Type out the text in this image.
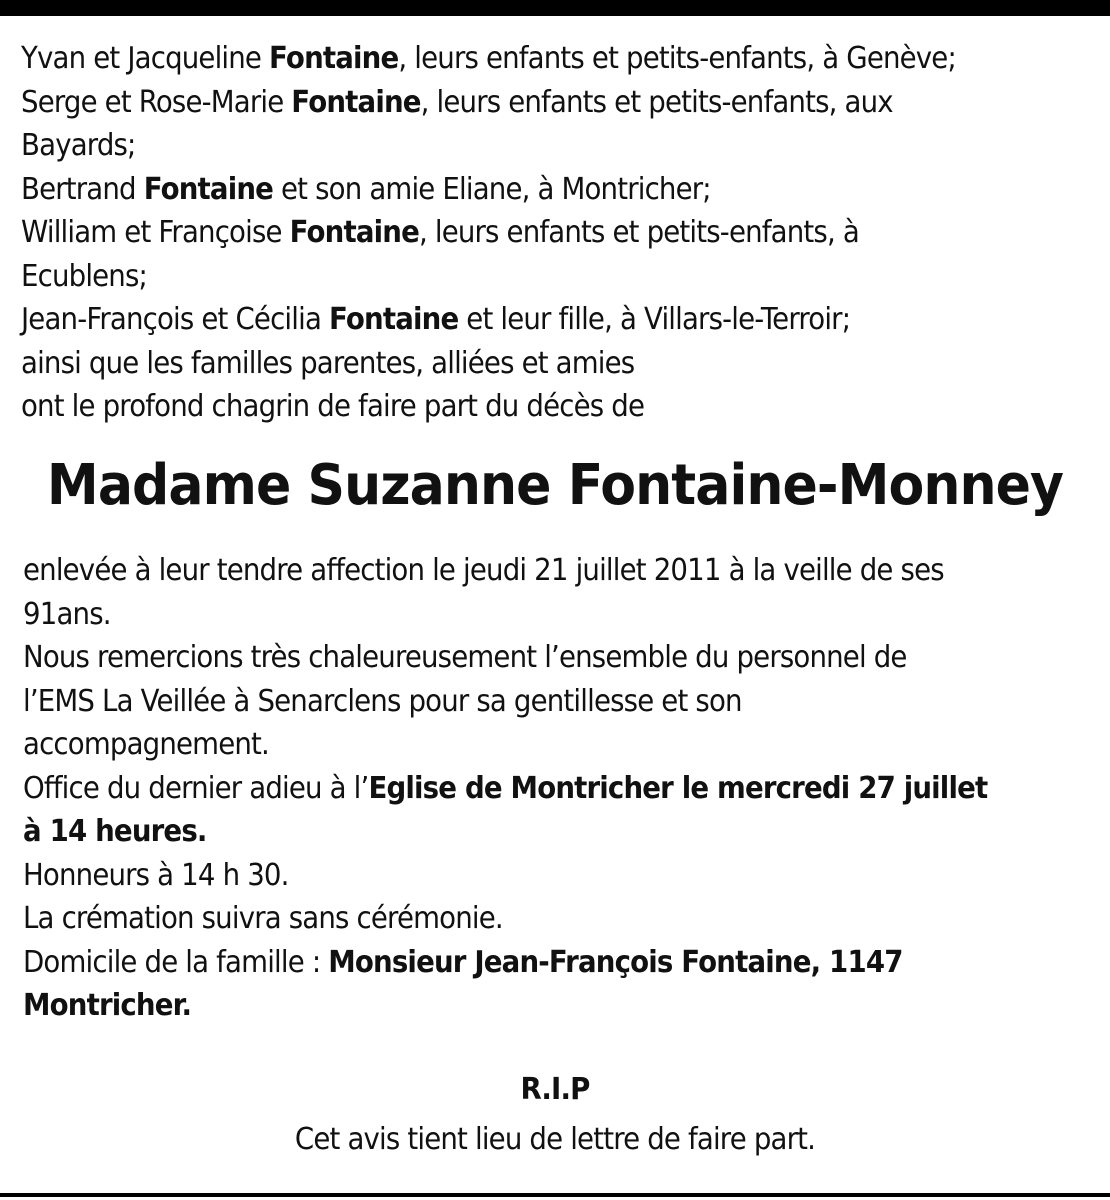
Yvan et Jacqueline Fontaine, leurs enfants et petits-enfants, à Genève;
Serge et Rose-Marie Fontaine, leurs enfants et petits-enfants, aux
Bayards;
Bertrand Fontaine et son amie Eliane, à Montricher;
William et Françoise Fontaine, leurs enfants et petits-enfants, à
Ecublens;
Jean-François et Cécilia Fontaine et leur fille, à Villars-le-Terroir;
ainsi que les familles parentes, alliées et amies
ont le profond chagrin de faire part du décès de
Madame Suzanne Fontaine-Monney
enlevée à leur tendre affection le jeudi 21 juillet 2011 à la veille de ses
91ans.
Nous remercions très chaleureusement l’ensemble du personnel de
l’EMS La Veillée à Senarclens pour sa gentillesse et son
accompagnement.
Office du dernier adieu à l’Eglise de Montricher le mercredi 27 juillet
à 14 heures.
Honneurs à 14 h 30.
La crémation suivra sans cérémonie.
Domicile de la famille : Monsieur Jean-François Fontaine, 1147
Montricher.
R.I.P
Cet avis tient lieu de lettre de faire part.
